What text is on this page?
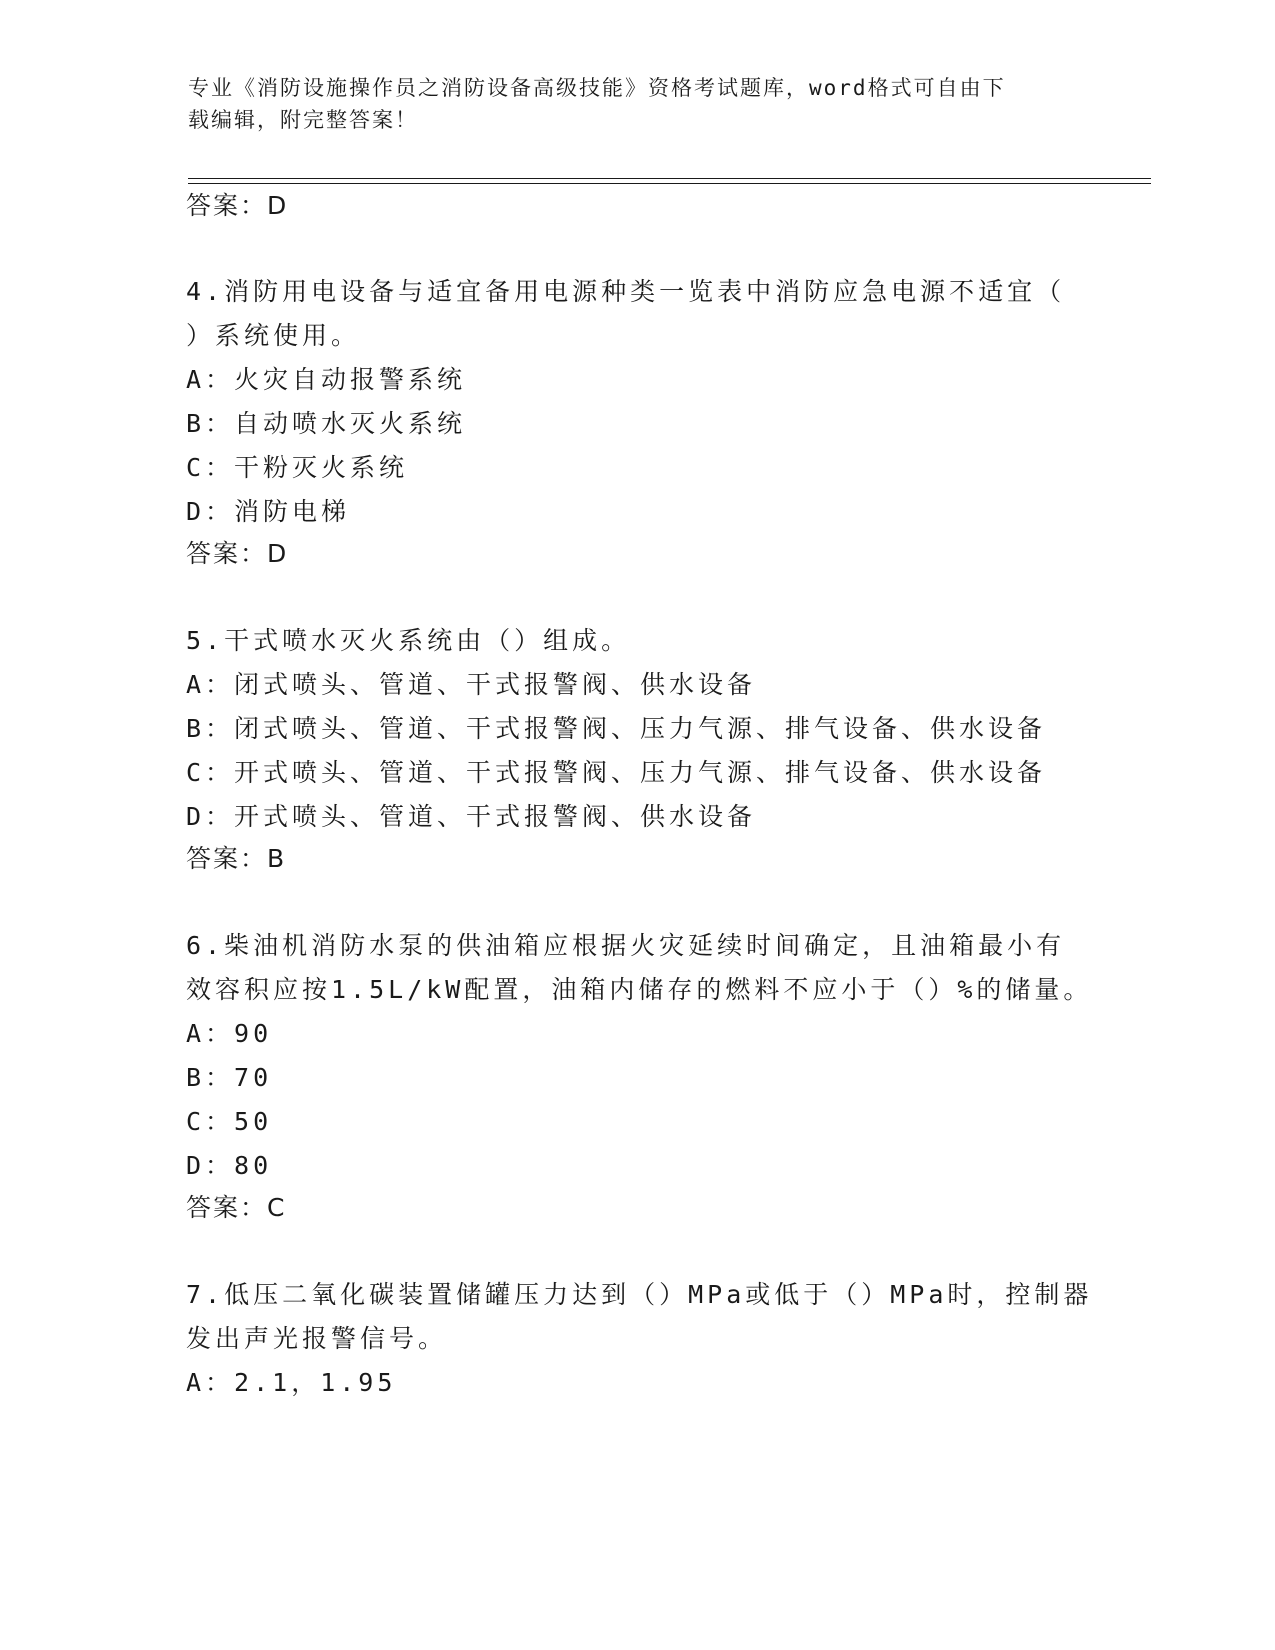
专业《消防设施操作员之消防设备高级技能》资格考试题库，word格式可自由下
载编辑，附完整答案！
答案：D
4.消防用电设备与适宜备用电源种类一览表中消防应急电源不适宜（
）系统使用。
A：火灾自动报警系统
B：自动喷水灭火系统
C：干粉灭火系统
D：消防电梯
答案：D
5.干式喷水灭火系统由（）组成。
A：闭式喷头、管道、干式报警阀、供水设备
B：闭式喷头、管道、干式报警阀、压力气源、排气设备、供水设备
C：开式喷头、管道、干式报警阀、压力气源、排气设备、供水设备
D：开式喷头、管道、干式报警阀、供水设备
答案：B
6.柴油机消防水泵的供油箱应根据火灾延续时间确定，且油箱最小有
效容积应按1.5L/kW配置，油箱内储存的燃料不应小于（）%的储量。
A：90
B：70
C：50
D：80
答案：C
7.低压二氧化碳装置储罐压力达到（）MPa或低于（）MPa时，控制器
发出声光报警信号。
A：2.1，1.95
